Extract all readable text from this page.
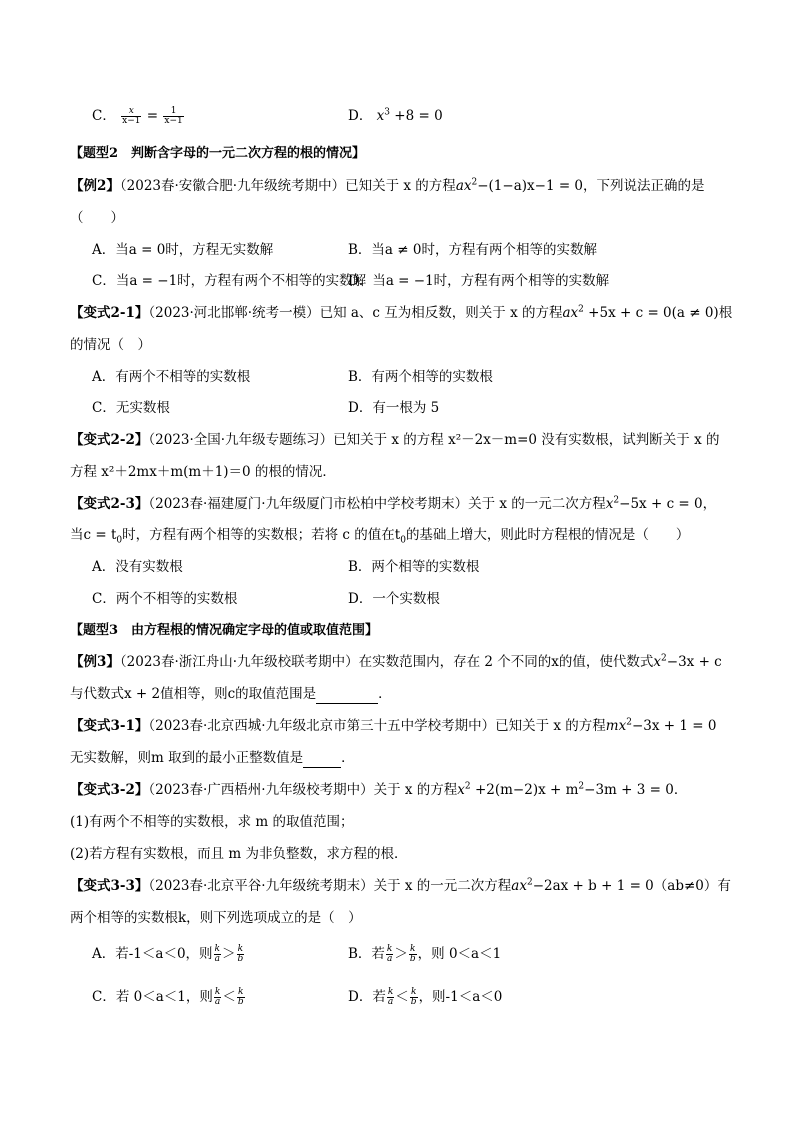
C． $\frac{x}{x-1} = \frac{1}{x-1}$	D． $x^3 +8 = 0$
【题型2　判断含字母的一元二次方程的根的情况】
【例2】（2023春·安徽合肥·九年级统考期中）已知关于 x 的方程$ax^2-(1-a)x-1 = 0$，下列说法正确的是
（　　）
A．当a = 0时，方程无实数解	B．当a ≠ 0时，方程有两个相等的实数解
C．当a = −1时，方程有两个不相等的实数解
D．当a = −1时，方程有两个相等的实数解
【变式2-1】（2023·河北邯郸·统考一模）已知 a、c 互为相反数，则关于 x 的方程$ax^2 +5x + c = 0(a \ne 0)$根
的情况（　）
A．有两个不相等的实数根	B．有两个相等的实数根
C．无实数根	D．有一根为 5
【变式2-2】（2023·全国·九年级专题练习）已知关于 x 的方程 x²－2x－m=0 没有实数根，试判断关于 x 的
方程 x²＋2mx＋m(m＋1)＝0 的根的情况．
【变式2-3】（2023春·福建厦门·九年级厦门市松柏中学校考期末）关于 x 的一元二次方程$x^2-5x + c = 0$，
当$c = t_0$时，方程有两个相等的实数根；若将 c 的值在$t_0$的基础上增大，则此时方程根的情况是（　　）
A．没有实数根	B．两个相等的实数根
C．两个不相等的实数根	D．一个实数根
【题型3　由方程根的情况确定字母的值或取值范围】
【例3】（2023春·浙江舟山·九年级校联考期中）在实数范围内，存在 2 个不同的x的值，使代数式$x^2-3x + c$
与代数式x + 2值相等，则c的取值范围是	．
【变式3-1】（2023春·北京西城·九年级北京市第三十五中学校考期中）已知关于 x 的方程$mx^2-3x + 1 = 0$
无实数解，则m 取到的最小正整数值是	．
【变式3-2】（2023春·广西梧州·九年级校考期中）关于 x 的方程$x^2 +2(m-2)x + m^2-3m + 3 = 0$．
(1)有两个不相等的实数根，求 m 的取值范围；
(2)若方程有实数根，而且 m 为非负整数，求方程的根．
【变式3-3】（2023春·北京平谷·九年级统考期末）关于 x 的一元二次方程$ax^2-2ax + b + 1 = 0(ab\ne 0)$有
两个相等的实数根k，则下列选项成立的是（　）
A．若-1＜a＜0，则 $\frac{k}{a} > \frac{k}{b}$	B．若 $\frac{k}{a} > \frac{k}{b}$ ，则 0＜a＜1
C．若 0＜a＜1，则 $\frac{k}{a} < \frac{k}{b}$	D．若 $\frac{k}{a} < \frac{k}{b}$ ，则-1＜a＜0
